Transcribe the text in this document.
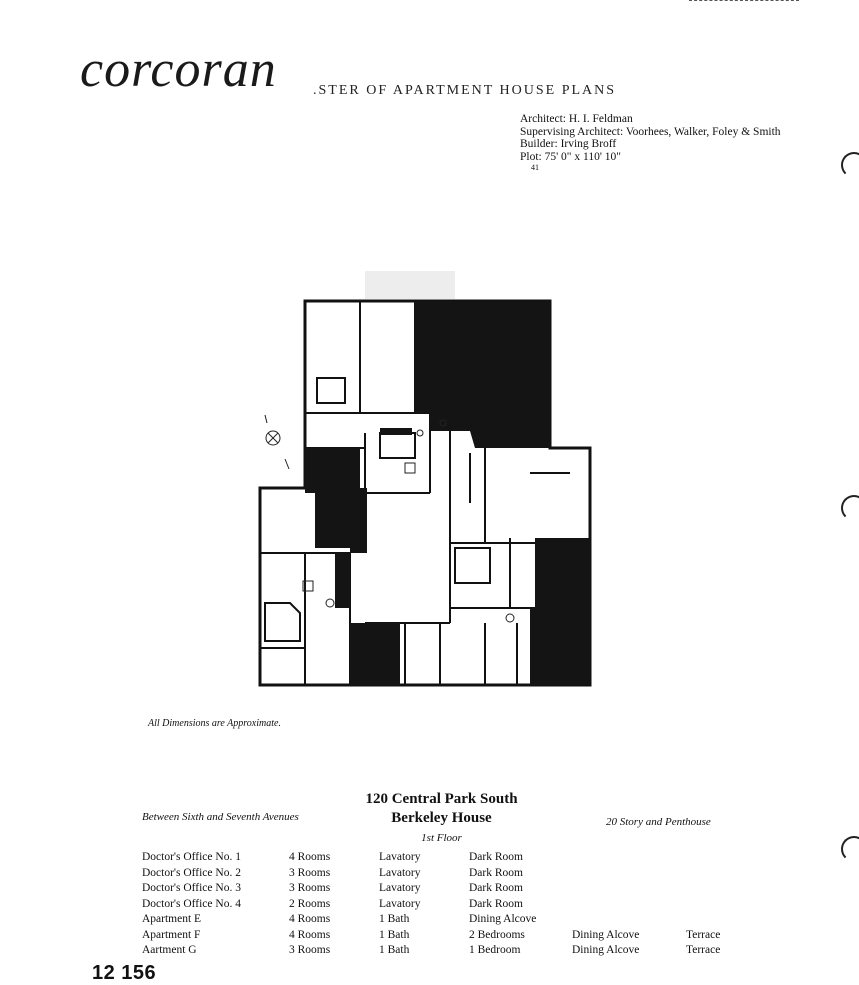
corcoran	.STER OF APARTMENT HOUSE PLANS
Architect: H. I. Feldman
Supervising Architect: Voorhees, Walker, Foley & Smith
Builder: Irving Broff
Plot: 75' 0" x 110' 10"
41
All Dimensions are Approximate.
120 Central Park South
Between Sixth and Seventh Avenues	Berkeley House	20 Story and Penthouse
1st Floor
Doctor's Office No. 1	4 Rooms	Lavatory	Dark Room
Doctor's Office No. 2	3 Rooms	Lavatory	Dark Room
Doctor's Office No. 3	3 Rooms	Lavatory	Dark Room
Doctor's Office No. 4	2 Rooms	Lavatory	Dark Room
Apartment E	4 Rooms	1 Bath	Dining Alcove
Apartment F	4 Rooms	1 Bath	2 Bedrooms	Dining Alcove	Terrace
Aartment G	3 Rooms	1 Bath	1 Bedroom	Dining Alcove	Terrace
12 156
